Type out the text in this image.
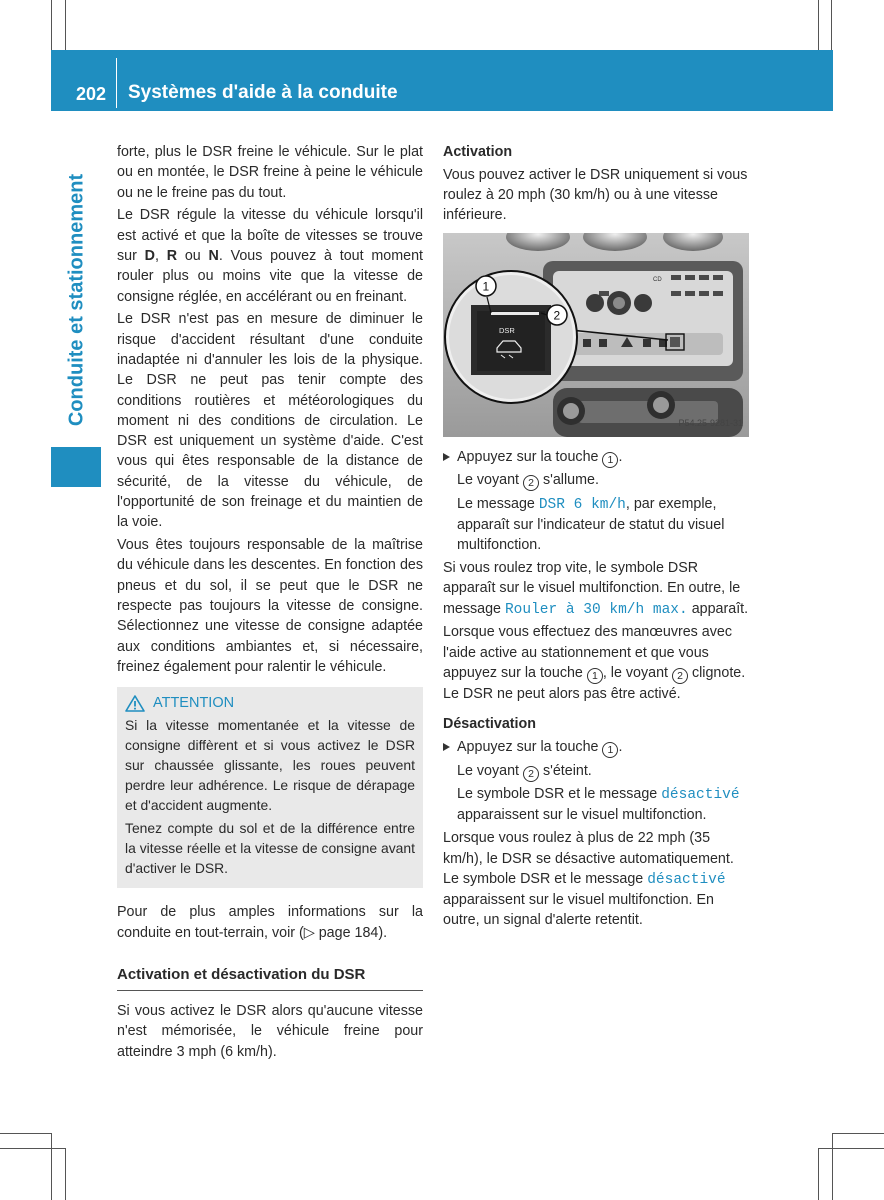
202 Systèmes d'aide à la conduite
Conduite et stationnement

forte, plus le DSR freine le véhicule. Sur le plat ou en montée, le DSR freine à peine le véhicule ou ne le freine pas du tout.

Le DSR régule la vitesse du véhicule lorsqu'il est activé et que la boîte de vitesses se trouve sur D, R ou N. Vous pouvez à tout moment rouler plus ou moins vite que la vitesse de consigne réglée, en accélérant ou en freinant.

Le DSR n'est pas en mesure de diminuer le risque d'accident résultant d'une conduite inadaptée ni d'annuler les lois de la physique. Le DSR ne peut pas tenir compte des conditions routières et météorologiques du moment ni des conditions de circulation. Le DSR est uniquement un système d'aide. C'est vous qui êtes responsable de la distance de sécurité, de la vitesse du véhicule, de l'opportunité de son freinage et du maintien de la voie.

Vous êtes toujours responsable de la maîtrise du véhicule dans les descentes. En fonction des pneus et du sol, il se peut que le DSR ne respecte pas toujours la vitesse de consigne. Sélectionnez une vitesse de consigne adaptée aux conditions ambiantes et, si nécessaire, freinez également pour ralentir le véhicule.

ATTENTION

Si la vitesse momentanée et la vitesse de consigne diffèrent et si vous activez le DSR sur chaussée glissante, les roues peuvent perdre leur adhérence. Le risque de dérapage et d'accident augmente.

Tenez compte du sol et de la différence entre la vitesse réelle et la vitesse de consigne avant d'activer le DSR.

Pour de plus amples informations sur la conduite en tout-terrain, voir (▷ page 184).

Activation et désactivation du DSR

Si vous activez le DSR alors qu'aucune vitesse n'est mémorisée, le véhicule freine pour atteindre 3 mph (6 km/h).

Activation

Vous pouvez activer le DSR uniquement si vous roulez à 20 mph (30 km/h) ou à une vitesse inférieure.

CD
DSR
1
2
P54.25-9281-31

Appuyez sur la touche 1 .

Le voyant 2 s'allume.

Le message DSR 6 km/h, par exemple, apparaît sur l'indicateur de statut du visuel multifonction.

Si vous roulez trop vite, le symbole DSR apparaît sur le visuel multifonction. En outre, le message Rouler à 30 km/h max. apparaît.

Lorsque vous effectuez des manœuvres avec l'aide active au stationnement et que vous appuyez sur la touche 1 , le voyant 2 clignote. Le DSR ne peut alors pas être activé.

Désactivation

Appuyez sur la touche 1 .

Le voyant 2 s'éteint.

Le symbole DSR et le message désactivé apparaissent sur le visuel multifonction.

Lorsque vous roulez à plus de 22 mph (35 km/h), le DSR se désactive automatiquement. Le symbole DSR et le message désactivé apparaissent sur le visuel multifonction. En outre, un signal d'alerte retentit.
